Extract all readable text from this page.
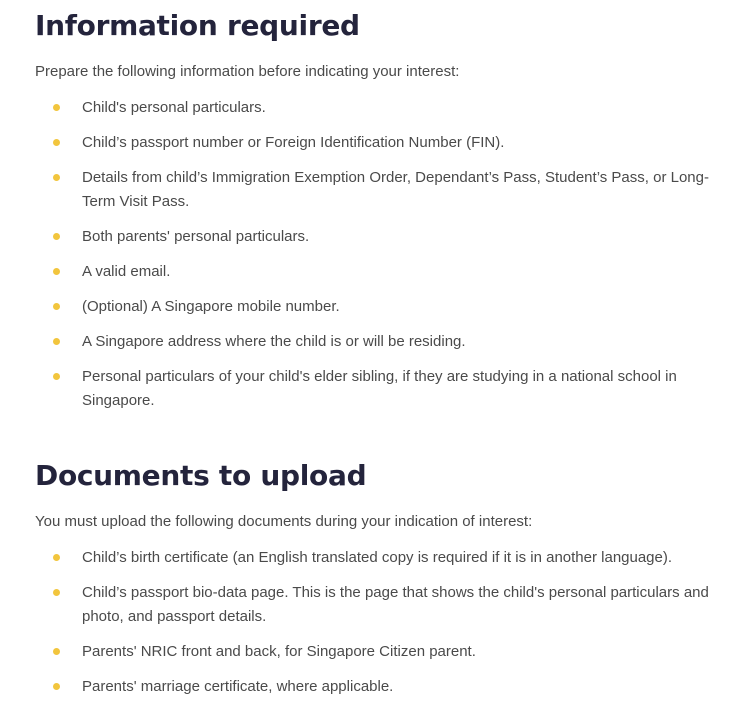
Information required

Prepare the following information before indicating your interest:

Child's personal particulars.
Child’s passport number or Foreign Identification Number (FIN).
Details from child’s Immigration Exemption Order, Dependant’s Pass, Student’s Pass, or Long-Term Visit Pass.
Both parents' personal particulars.
A valid email.
(Optional) A Singapore mobile number.
A Singapore address where the child is or will be residing.
Personal particulars of your child's elder sibling, if they are studying in a national school in Singapore.
Documents to upload

You must upload the following documents during your indication of interest:

Child’s birth certificate (an English translated copy is required if it is in another language).
Child’s passport bio-data page. This is the page that shows the child's personal particulars and photo, and passport details.
Parents' NRIC front and back, for Singapore Citizen parent.
Parents' marriage certificate, where applicable.
